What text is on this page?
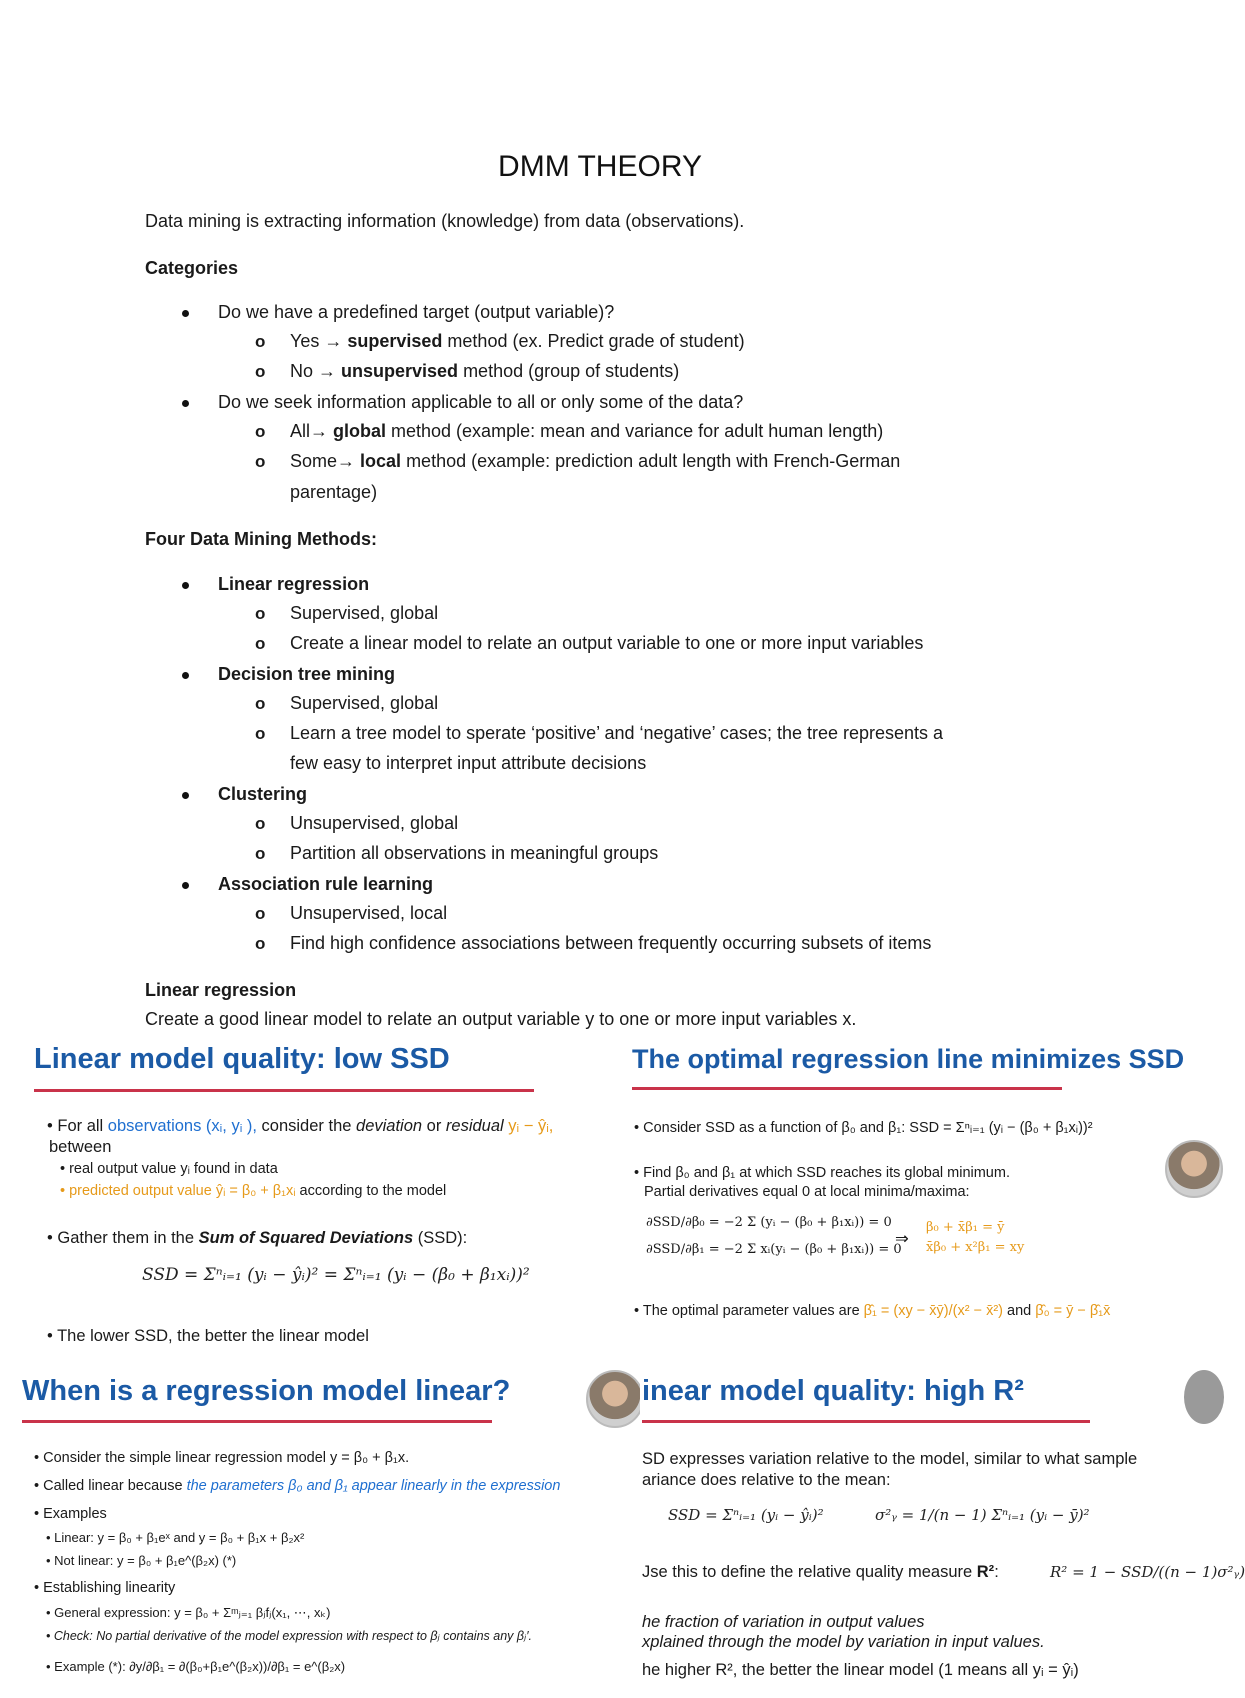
DMM THEORY
Data mining is extracting information (knowledge) from data (observations).
Categories
Do we have a predefined target (output variable)?
o Yes → supervised method (ex. Predict grade of student)
o No → unsupervised method (group of students)
Do we seek information applicable to all or only some of the data?
o All→ global method (example: mean and variance for adult human length)
o Some→ local method (example: prediction adult length with French-German
parentage)
Four Data Mining Methods:
Linear regression
o Supervised, global
o Create a linear model to relate an output variable to one or more input variables
Decision tree mining
o Supervised, global
o Learn a tree model to sperate ‘positive’ and ‘negative’ cases; the tree represents a
few easy to interpret input attribute decisions
Clustering
o Unsupervised, global
o Partition all observations in meaningful groups
Association rule learning
o Unsupervised, local
o Find high confidence associations between frequently occurring subsets of items
Linear regression
Create a good linear model to relate an output variable y to one or more input variables x.
Linear model quality: low SSD
• For all observations (xᵢ, yᵢ ), consider the deviation or residual yᵢ − ŷᵢ,
between
• real output value yᵢ found in data
• predicted output value ŷᵢ = β₀ + β₁xᵢ according to the model
• Gather them in the Sum of Squared Deviations (SSD):
SSD = Σⁿᵢ₌₁ (yᵢ − ŷᵢ)² = Σⁿᵢ₌₁ (yᵢ − (β₀ + β₁xᵢ))²
• The lower SSD, the better the linear model
The optimal regression line minimizes SSD
• Consider SSD as a function of β₀ and β₁: SSD = Σⁿᵢ₌₁ (yᵢ − (β₀ + β₁xᵢ))²
• Find β₀ and β₁ at which SSD reaches its global minimum.
Partial derivatives equal 0 at local minima/maxima:
∂SSD/∂β₀ = −2 Σ (yᵢ − (β₀ + β₁xᵢ)) = 0
∂SSD/∂β₁ = −2 Σ xᵢ(yᵢ − (β₀ + β₁xᵢ)) = 0
⇒
β₀ + x̄β₁ = ȳ
x̄β₀ + x²β₁ = xy
• The optimal parameter values are β̂₁ = (xy − x̄ȳ)/(x² − x̄²) and β̂₀ = ȳ − β̂₁x̄
When is a regression model linear?
• Consider the simple linear regression model y = β₀ + β₁x.
• Called linear because the parameters β₀ and β₁ appear linearly in the expression
• Examples
• Linear: y = β₀ + β₁eˣ and y = β₀ + β₁x + β₂x²
• Not linear: y = β₀ + β₁e^(β₂x) (*)
• Establishing linearity
• General expression: y = β₀ + Σᵐⱼ₌₁ βⱼfⱼ(x₁, ⋯, xₖ)
• Check: No partial derivative of the model expression with respect to βⱼ contains any βⱼ′.
• Example (*): ∂y/∂β₁ = ∂(β₀+β₁e^(β₂x))/∂β₁ = e^(β₂x)
inear model quality: high R²
SD expresses variation relative to the model, similar to what sample
ariance does relative to the mean:
SSD = Σⁿᵢ₌₁ (yᵢ − ŷᵢ)²	σ²ᵧ = 1/(n − 1) Σⁿᵢ₌₁ (yᵢ − ȳ)²
Jse this to define the relative quality measure R²:	R² = 1 − SSD/((n − 1)σ²ᵧ)
he fraction of variation in output values
xplained through the model by variation in input values.
he higher R², the better the linear model (1 means all yᵢ = ŷᵢ)
